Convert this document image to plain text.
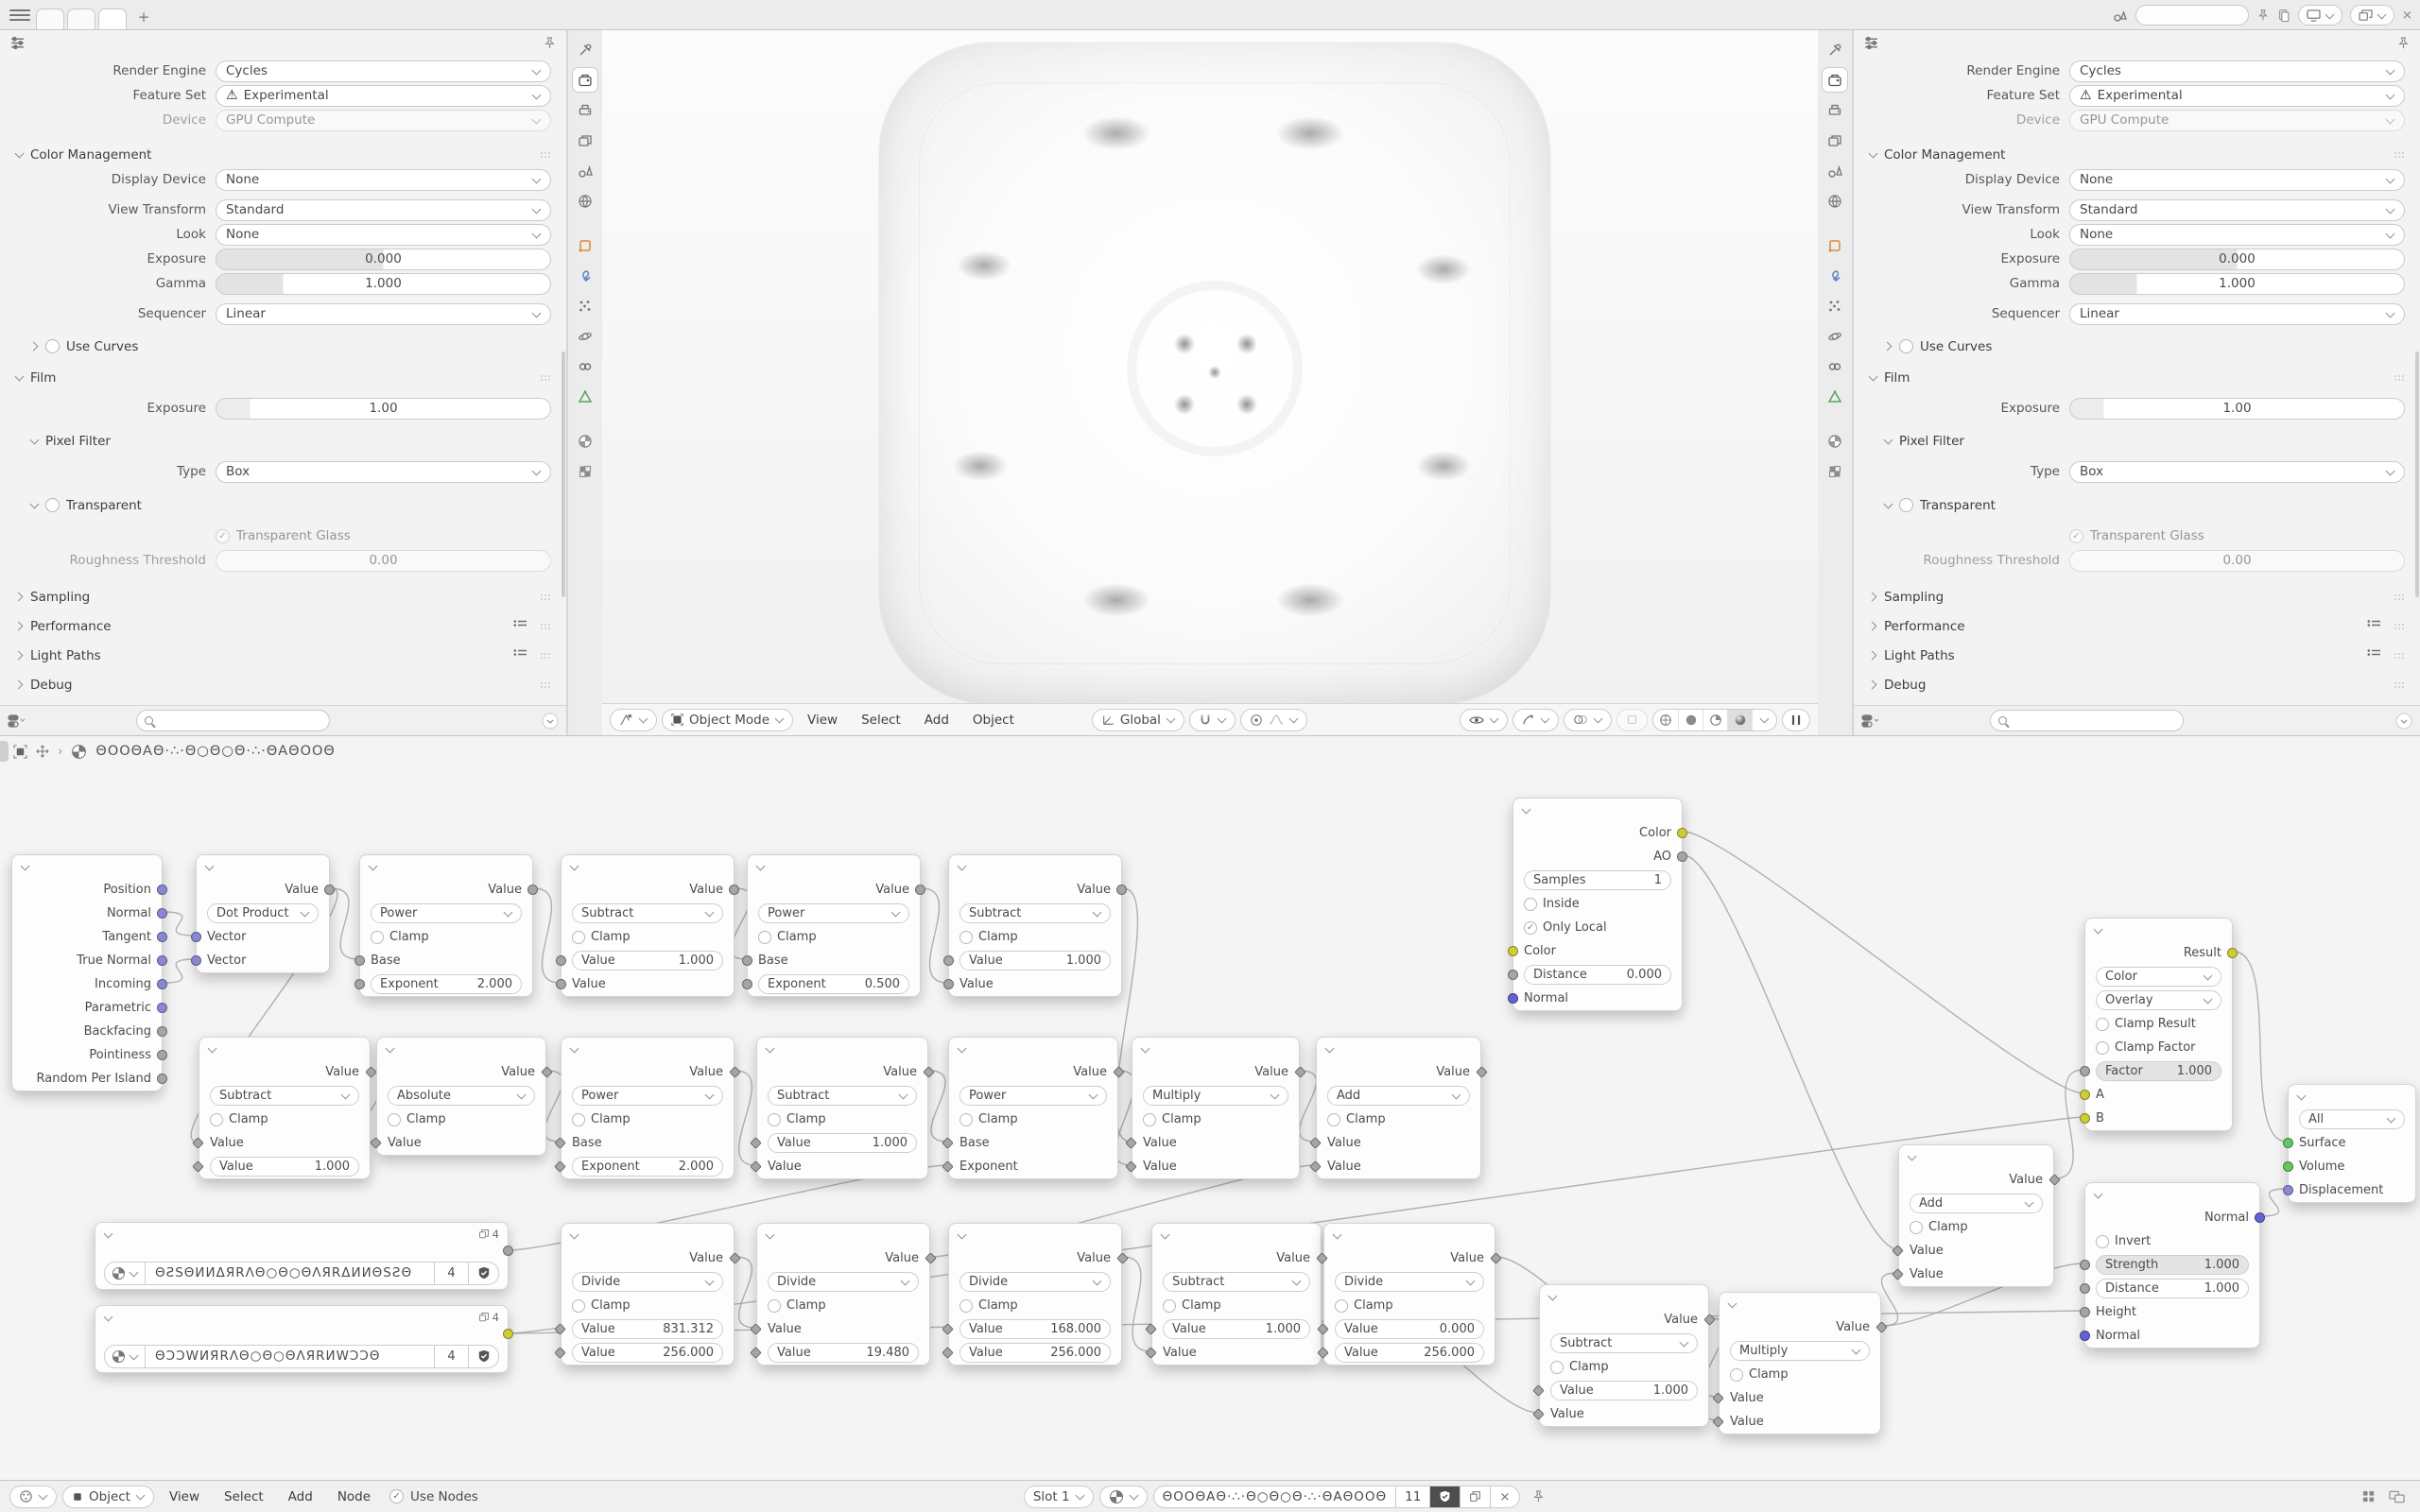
+	×
Render Engine	Cycles
Feature Set	⚠ Experimental
Device	GPU Compute
Color Management
Display Device	None
View Transform	Standard
Look	None
Exposure	0.000
Gamma	1.000
Sequencer	Linear
Use Curves
Film
Exposure	1.00
Pixel Filter
Type	Box
Transparent
✓ Transparent Glass
Roughness Threshold	0.00
Sampling
Performance
Light Paths
Debug
Object Mode	View	Select	Add	Object	Global
Render Engine	Cycles
Feature Set	⚠ Experimental
Device	GPU Compute
Color Management
Display Device	None
View Transform	Standard
Look	None
Exposure	0.000
Gamma	1.000
Sequencer	Linear
Use Curves
Film
Exposure	1.00
Pixel Filter
Type	Box
Transparent
✓ Transparent Glass
Roughness Threshold	0.00
Sampling
Performance
Light Paths
Debug
› ΘΟΟΘΑΘ·∴·Θ○Θ○Θ·∴·ΘΑΘΟΟΘ
Position
Normal
Tangent
True Normal
Incoming
Parametric
Backfacing
Pointiness
Random Per Island
Value
Dot Product
Vector
Vector
Value
Power
Clamp
Base
Exponent	2.000
Value
Subtract
Clamp
Value	1.000
Value
Value
Power
Clamp
Base
Exponent	0.500
Value
Subtract
Clamp
Value	1.000
Value
Value
Subtract
Clamp
Value
Value	1.000
Value
Absolute
Clamp
Value
Value
Power
Clamp
Base
Exponent	2.000
Value
Subtract
Clamp
Value	1.000
Value
Value
Power
Clamp
Base
Exponent
Value
Multiply
Clamp
Value
Value
Value
Add
Clamp
Value
Value
4
ΘƧSΘИИΔЯRΛΘ○Θ○ΘΛЯRΔИИΘSƧΘ	4
4
ΘƆƆWИЯRΛΘ○Θ○ΘΛЯRИWƆƆΘ	4
Value
Divide
Clamp
Value	831.312
Value	256.000
Value
Divide
Clamp
Value
Value	19.480
Value
Divide
Clamp
Value	168.000
Value	256.000
Value
Subtract
Clamp
Value	1.000
Value
Value
Divide
Clamp
Value	0.000
Value	256.000
Color
AO
Samples	1
Inside
✓ Only Local
Color
Distance	0.000
Normal
Value
Subtract
Clamp
Value	1.000
Value
Value
Multiply
Clamp
Value
Value
Value
Add
Clamp
Value
Value
Result
Color
Overlay
Clamp Result
Clamp Factor
Factor	1.000
A
B
Normal
Invert
Strength	1.000
Distance	1.000
Height
Normal
All
Surface
Volume
Displacement
Object	View	Select	Add	Node	✓ Use Nodes	Slot 1	ΘΟΟΘΑΘ·∴·Θ○Θ○Θ·∴·ΘΑΘΟΟΘ	11	×
